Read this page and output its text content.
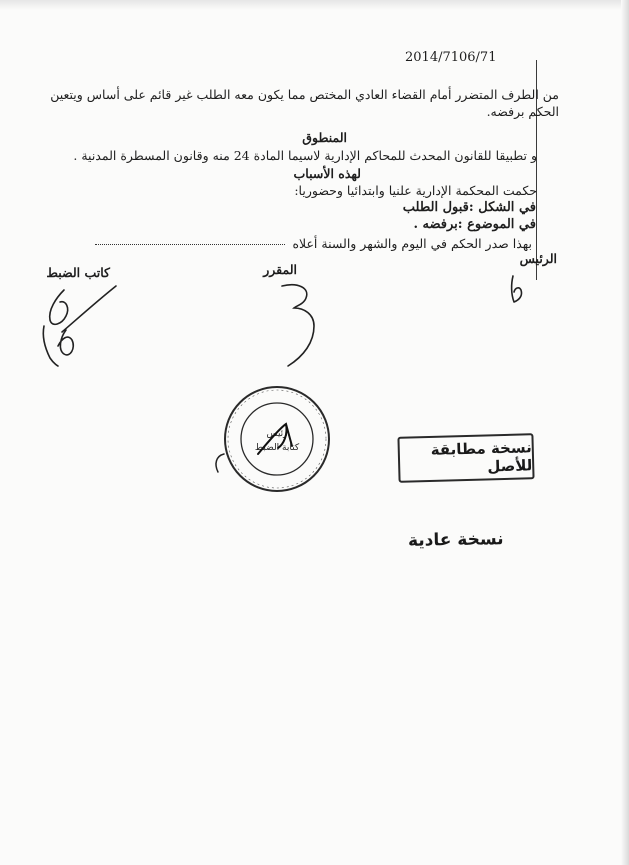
2014/7106/71
من الطرف المتضرر أمام القضاء العادي المختص مما يكون معه الطلب غير قائم على أساس ويتعين
الحكم برفضه.
المنطوق
و تطبيقا للقانون المحدث للمحاكم الإدارية لاسيما المادة 24 منه وقانون المسطرة المدنية .
لهذه الأسباب
حكمت المحكمة الإدارية علنيا وابتدائيا وحضوريا:
في الشكل :قبول الطلب
في الموضوع :برفضه .
بهذا صدر الحكم في اليوم والشهر والسنة أعلاه
الرئيس
المقرر
كاتب الضبط
رئيس
كتابة الضبط	نسخة مطابقة للأصل
نسخة عادية
